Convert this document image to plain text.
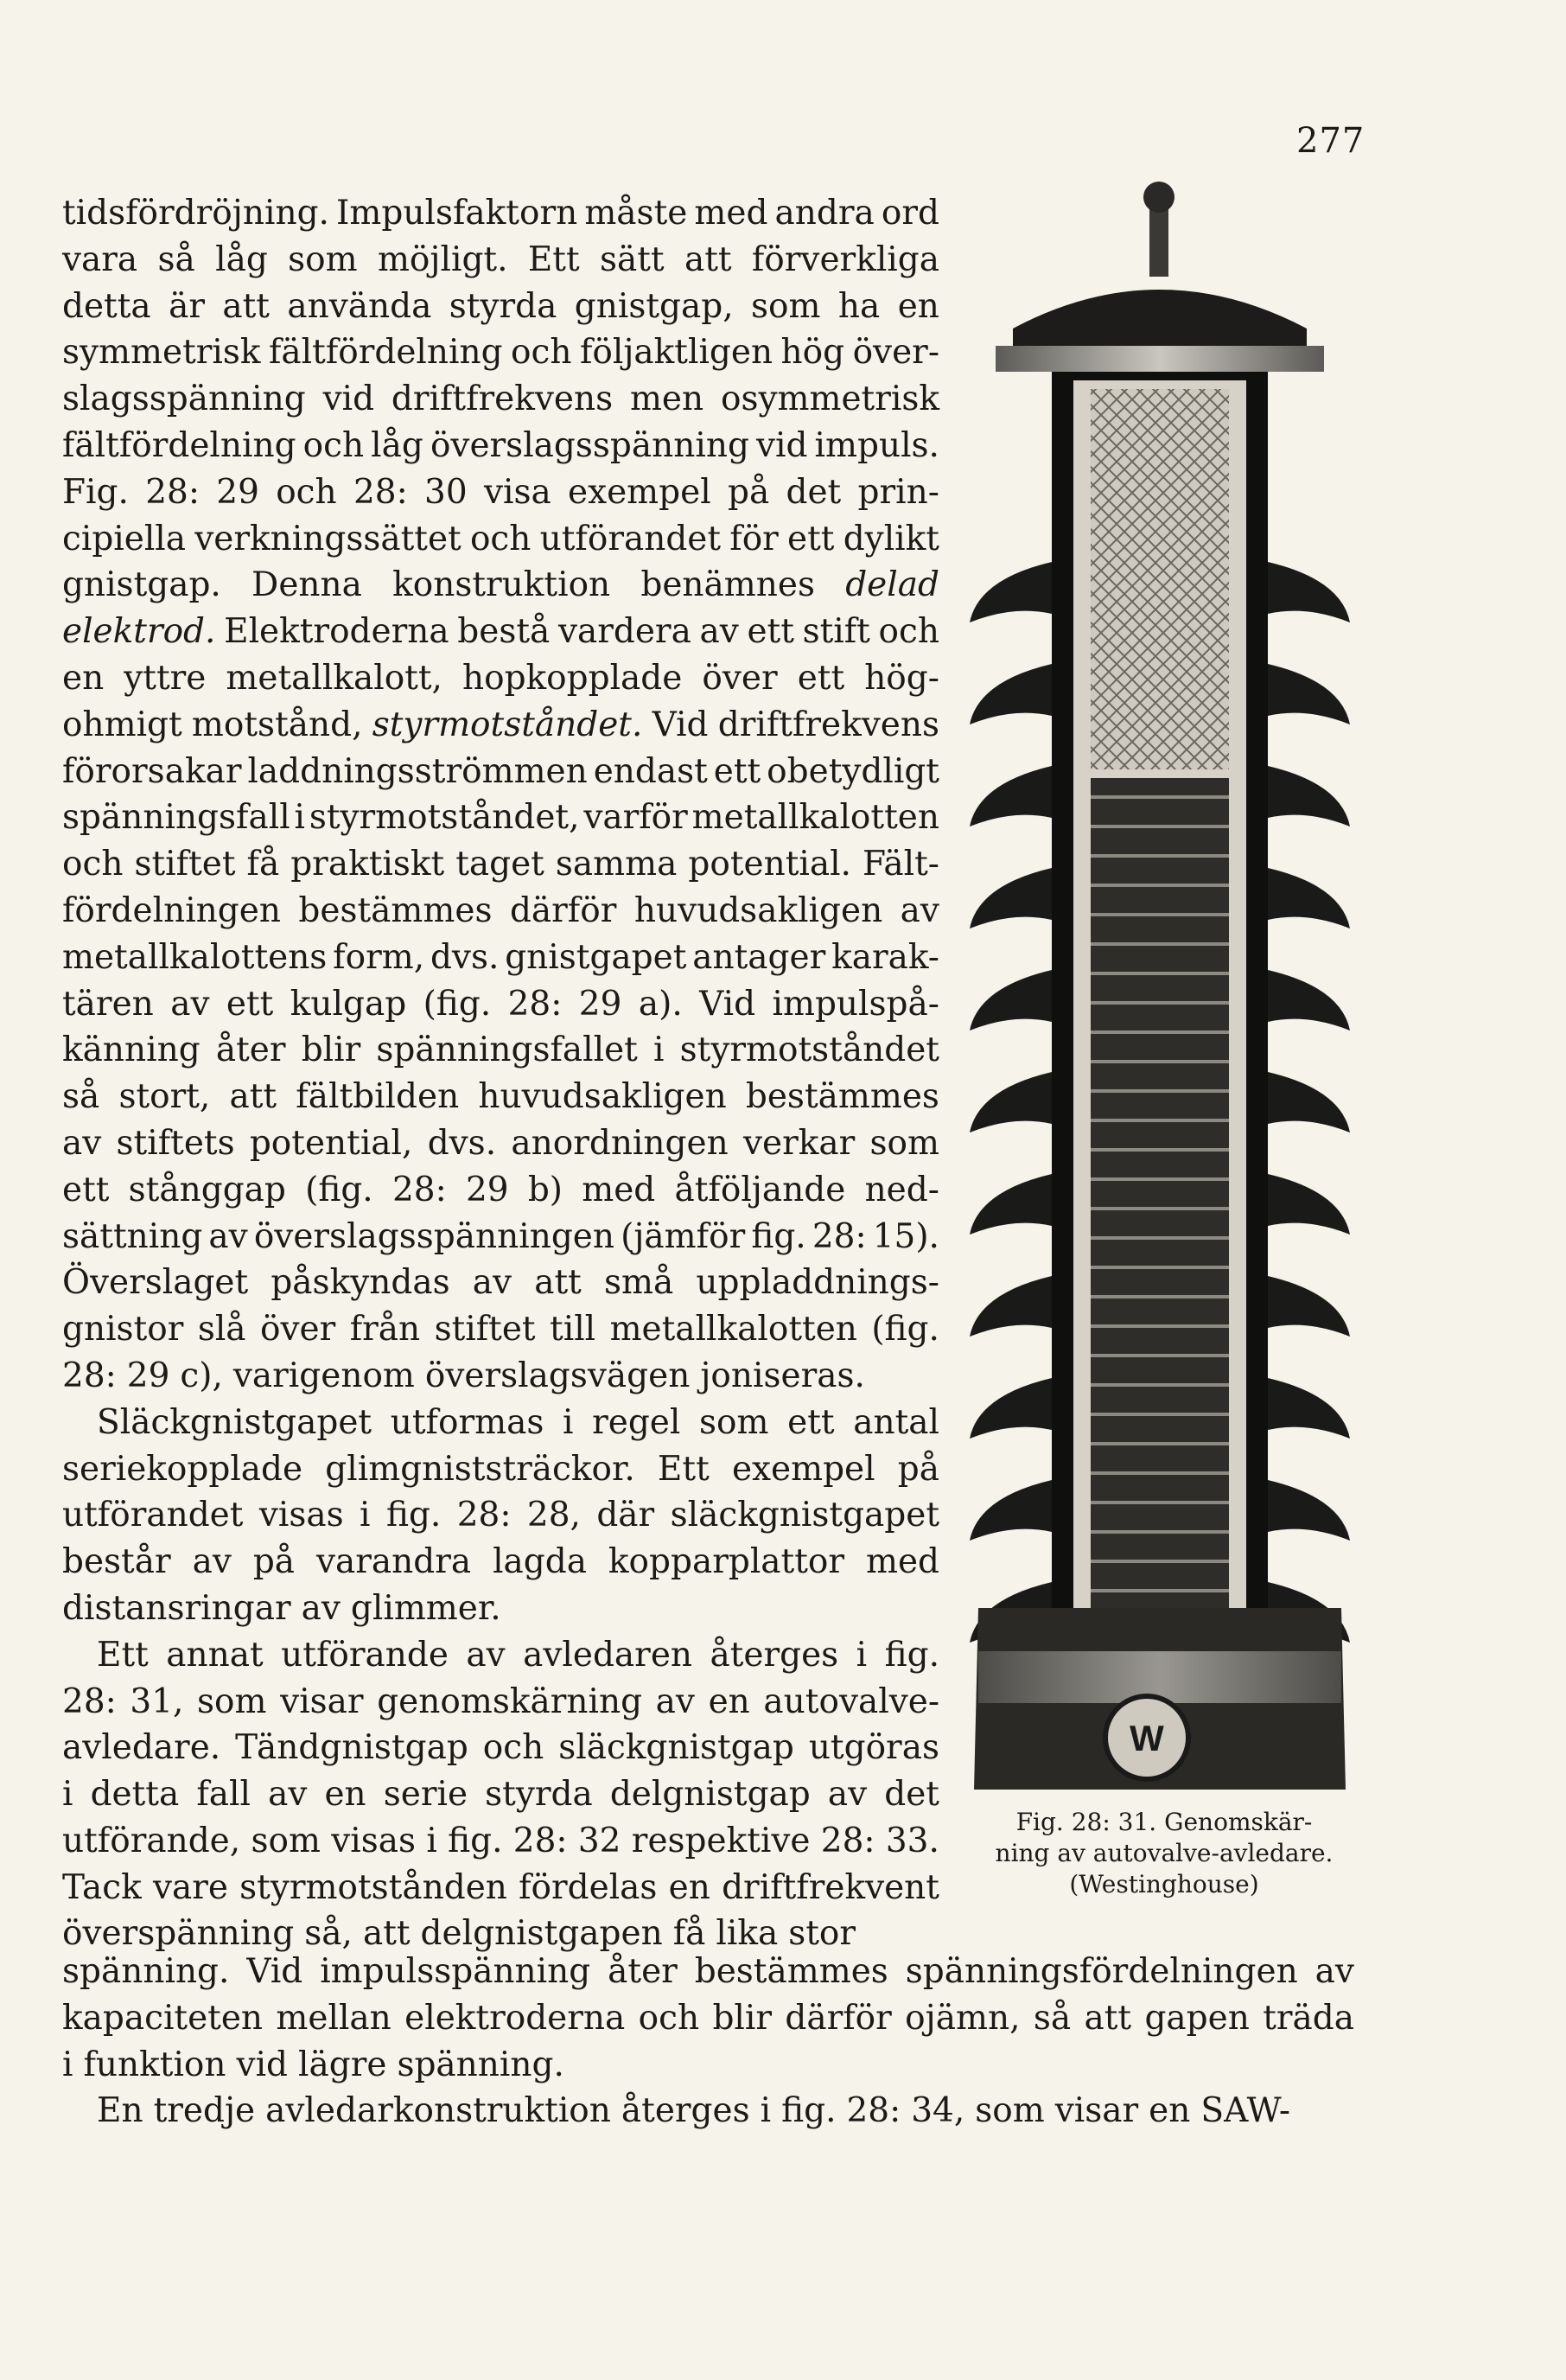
277
tidsfördröjning. Impulsfaktorn måste med andra ord
vara så låg som möjligt. Ett sätt att förverkliga
detta är att använda styrda gnistgap, som ha en
symmetrisk fältfördelning och följaktligen hög över-
slagsspänning vid driftfrekvens men osymmetrisk
fältfördelning och låg överslagsspänning vid impuls.
Fig. 28: 29 och 28: 30 visa exempel på det prin-
cipiella verkningssättet och utförandet för ett dylikt
gnistgap. Denna konstruktion benämnes delad
elektrod. Elektroderna bestå vardera av ett stift och
en yttre metallkalott, hopkopplade över ett hög-
ohmigt motstånd, styrmotståndet. Vid driftfrekvens
förorsakar laddningsströmmen endast ett obetydligt
spänningsfall i styrmotståndet, varför metallkalotten
och stiftet få praktiskt taget samma potential. Fält-
fördelningen bestämmes därför huvudsakligen av
metallkalottens form, dvs. gnistgapet antager karak-
tären av ett kulgap (fig. 28: 29 a). Vid impulspå-
känning åter blir spänningsfallet i styrmotståndet
så stort, att fältbilden huvudsakligen bestämmes
av stiftets potential, dvs. anordningen verkar som
ett stånggap (fig. 28: 29 b) med åtföljande ned-
sättning av överslagsspänningen (jämför fig. 28: 15).
Överslaget påskyndas av att små uppladdnings-
gnistor slå över från stiftet till metallkalotten (fig.
28: 29 c), varigenom överslagsvägen joniseras.
Släckgnistgapet utformas i regel som ett antal
seriekopplade glimgniststräckor. Ett exempel på
utförandet visas i fig. 28: 28, där släckgnistgapet
består av på varandra lagda kopparplattor med
distansringar av glimmer.
Ett annat utförande av avledaren återges i fig.
28: 31, som visar genomskärning av en autovalve-
avledare. Tändgnistgap och släckgnistgap utgöras
i detta fall av en serie styrda delgnistgap av det
utförande, som visas i fig. 28: 32 respektive 28: 33.
Tack vare styrmotstånden fördelas en driftfrekvent
överspänning så, att delgnistgapen få lika stor
W
Fig. 28: 31. Genomskär-
ning av autovalve-avledare.
(Westinghouse)
spänning. Vid impulsspänning åter bestämmes spänningsfördelningen av
kapaciteten mellan elektroderna och blir därför ojämn, så att gapen träda
i funktion vid lägre spänning.
En tredje avledarkonstruktion återges i fig. 28: 34, som visar en SAW-
